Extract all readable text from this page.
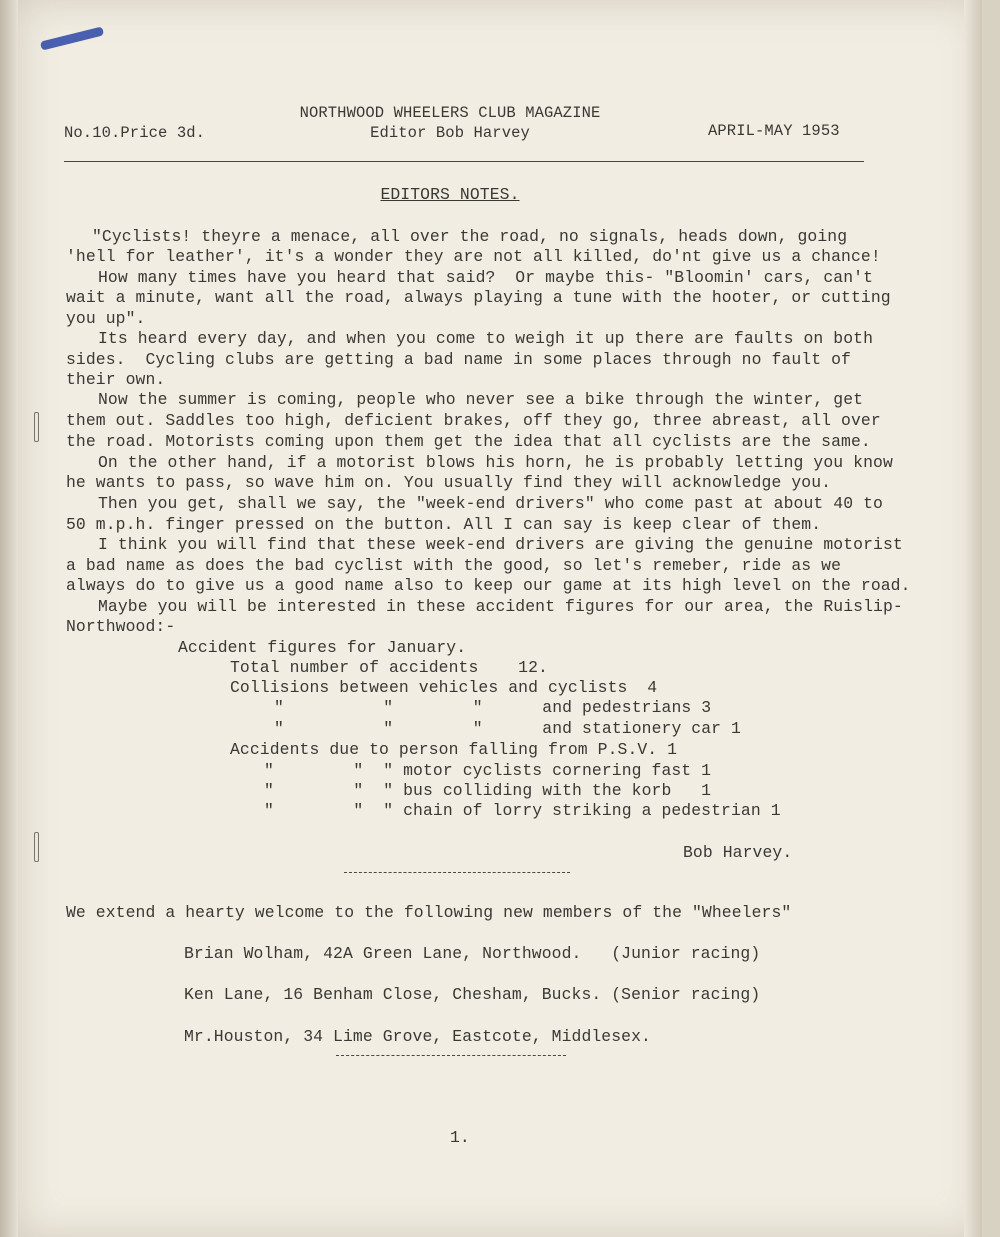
NORTHWOOD WHEELERS CLUB MAGAZINE
No.10.Price 3d.	Editor Bob Harvey	APRIL-MAY 1953
EDITORS NOTES.
"Cyclists! theyre a menace, all over the road, no signals, heads down, going
'hell for leather', it's a wonder they are not all killed, do'nt give us a chance!
How many times have you heard that said?  Or maybe this- "Bloomin' cars, can't
wait a minute, want all the road, always playing a tune with the hooter, or cutting
you up".
Its heard every day, and when you come to weigh it up there are faults on both
sides.  Cycling clubs are getting a bad name in some places through no fault of
their own.
Now the summer is coming, people who never see a bike through the winter, get
them out. Saddles too high, deficient brakes, off they go, three abreast, all over
the road. Motorists coming upon them get the idea that all cyclists are the same.
On the other hand, if a motorist blows his horn, he is probably letting you know
he wants to pass, so wave him on. You usually find they will acknowledge you.
Then you get, shall we say, the "week-end drivers" who come past at about 40 to
50 m.p.h. finger pressed on the button. All I can say is keep clear of them.
I think you will find that these week-end drivers are giving the genuine motorist
a bad name as does the bad cyclist with the good, so let's remeber, ride as we
always do to give us a good name also to keep our game at its high level on the road.
Maybe you will be interested in these accident figures for our area, the Ruislip-
Northwood:-
Accident figures for January.
Total number of accidents    12.
Collisions between vehicles and cyclists  4
"          "        "      and pedestrians 3
"          "        "      and stationery car 1
Accidents due to person falling from P.S.V. 1
"        "  " motor cyclists cornering fast 1
"        "  " bus colliding with the korb   1
"        "  " chain of lorry striking a pedestrian 1
Bob Harvey.
We extend a hearty welcome to the following new members of the "Wheelers"
Brian Wolham, 42A Green Lane, Northwood.   (Junior racing)
Ken Lane, 16 Benham Close, Chesham, Bucks. (Senior racing)
Mr.Houston, 34 Lime Grove, Eastcote, Middlesex.
1.
